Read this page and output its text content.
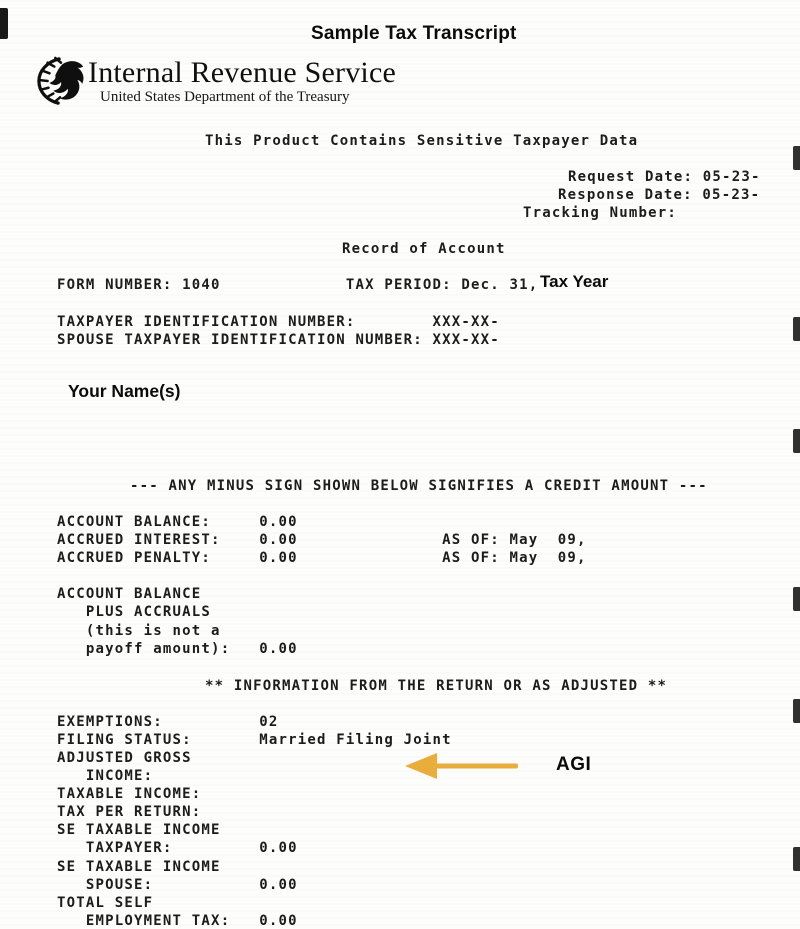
Sample Tax Transcript
Internal Revenue Service
United States Department of the Treasury
This Product Contains Sensitive Taxpayer Data
Request Date: 05-23-
Response Date: 05-23-
Tracking Number:
Record of Account
FORM NUMBER: 1040             TAX PERIOD: Dec. 31, Tax Year
TAXPAYER IDENTIFICATION NUMBER:        XXX-XX-
SPOUSE TAXPAYER IDENTIFICATION NUMBER: XXX-XX-
Your Name(s)
--- ANY MINUS SIGN SHOWN BELOW SIGNIFIES A CREDIT AMOUNT ---
ACCOUNT BALANCE:     0.00
ACCRUED INTEREST:    0.00               AS OF: May  09,
ACCRUED PENALTY:     0.00               AS OF: May  09,
ACCOUNT BALANCE
PLUS ACCRUALS
(this is not a
payoff amount):   0.00
** INFORMATION FROM THE RETURN OR AS ADJUSTED **
EXEMPTIONS:          02
FILING STATUS:       Married Filing Joint
ADJUSTED GROSS
INCOME:
TAXABLE INCOME:
TAX PER RETURN:
SE TAXABLE INCOME
TAXPAYER:         0.00
SE TAXABLE INCOME
SPOUSE:           0.00
TOTAL SELF
EMPLOYMENT TAX:   0.00
AGI
